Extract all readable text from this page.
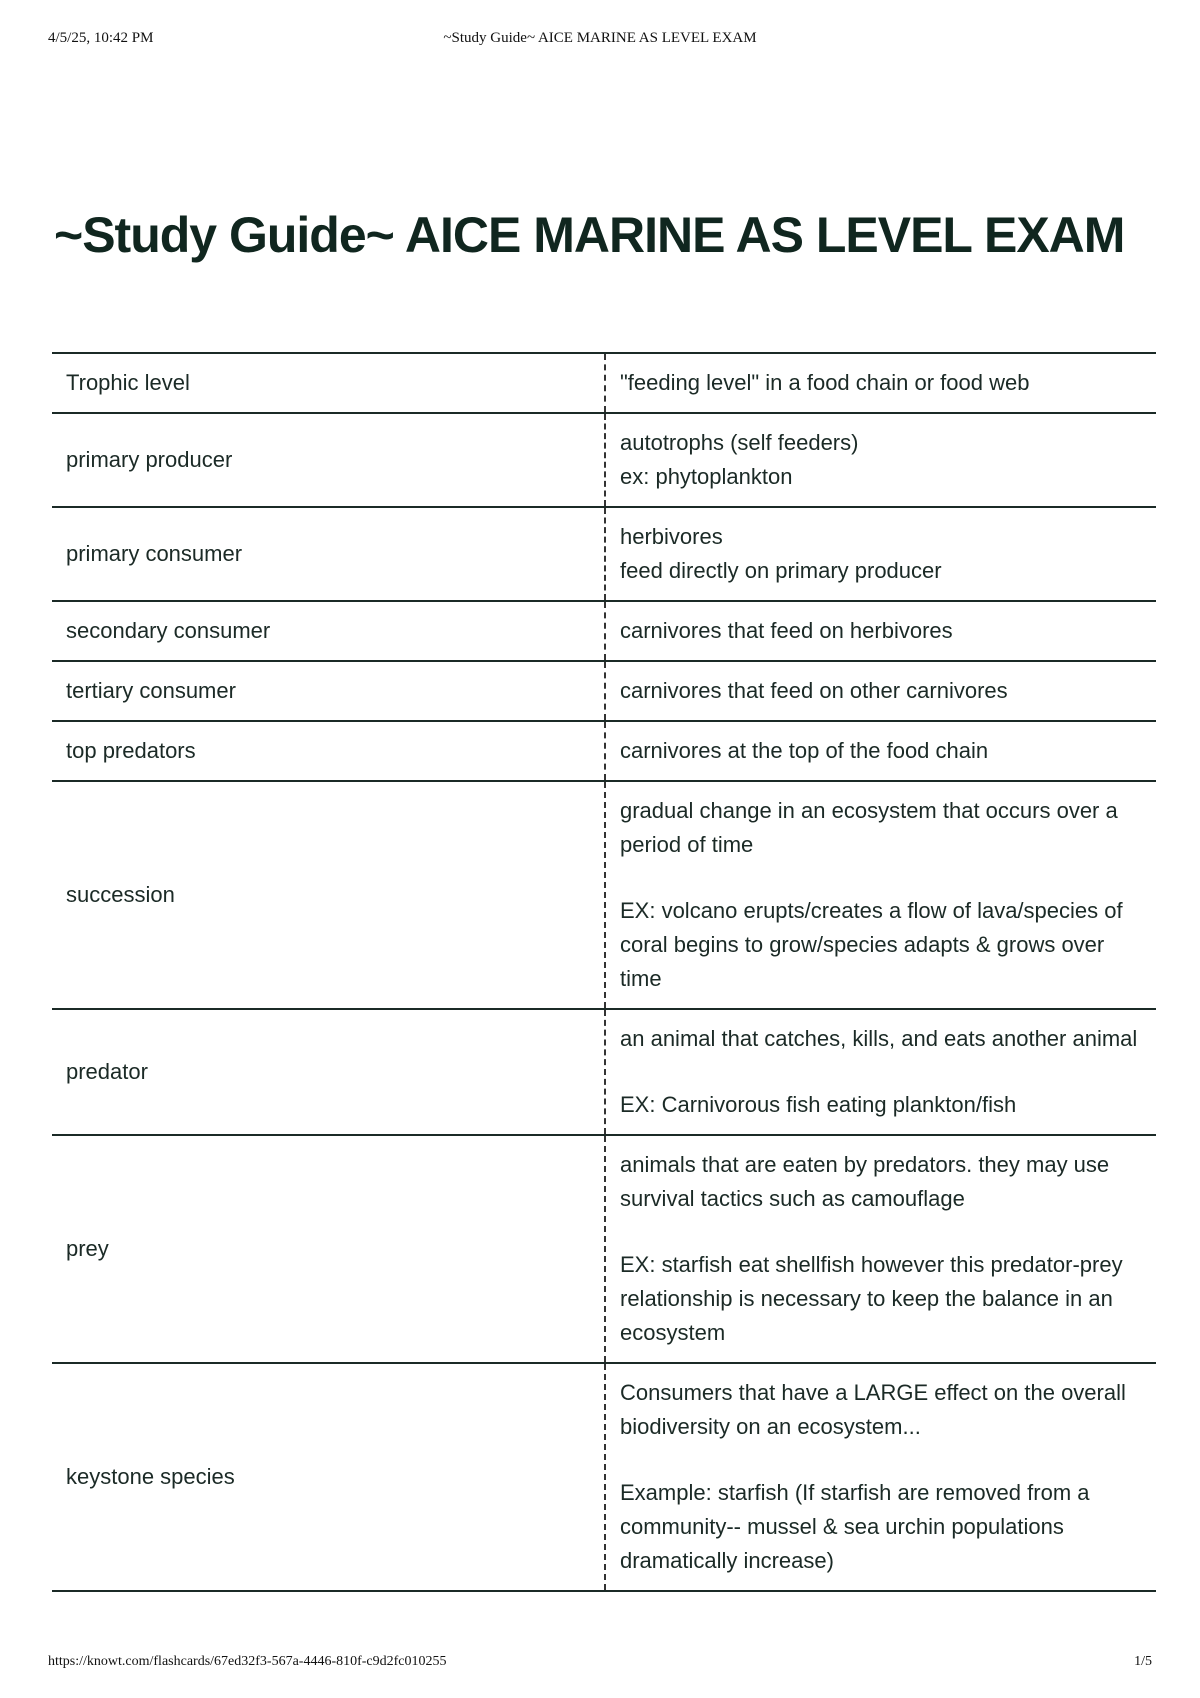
4/5/25, 10:42 PM	~Study Guide~ AICE MARINE AS LEVEL EXAM
~Study Guide~ AICE MARINE AS LEVEL EXAM
Trophic level	"feeding level" in a food chain or food web

primary producer	autotrophs (self feeders)
ex: phytoplankton

primary consumer	herbivores
feed directly on primary producer

secondary consumer	carnivores that feed on herbivores

tertiary consumer	carnivores that feed on other carnivores

top predators	carnivores at the top of the food chain

succession	gradual change in an ecosystem that occurs over a period of time
EX: volcano erupts/creates a flow of lava/species of coral begins to grow/species adapts & grows over time

predator	an animal that catches, kills, and eats another animal
EX: Carnivorous fish eating plankton/fish

prey	animals that are eaten by predators. they may use survival tactics such as camouflage
EX: starfish eat shellfish however this predator-prey relationship is necessary to keep the balance in an ecosystem

keystone species	Consumers that have a LARGE effect on the overall biodiversity on an ecosystem...
Example: starfish (If starfish are removed from a community-- mussel & sea urchin populations dramatically increase)
https://knowt.com/flashcards/67ed32f3-567a-4446-810f-c9d2fc010255	1/5
